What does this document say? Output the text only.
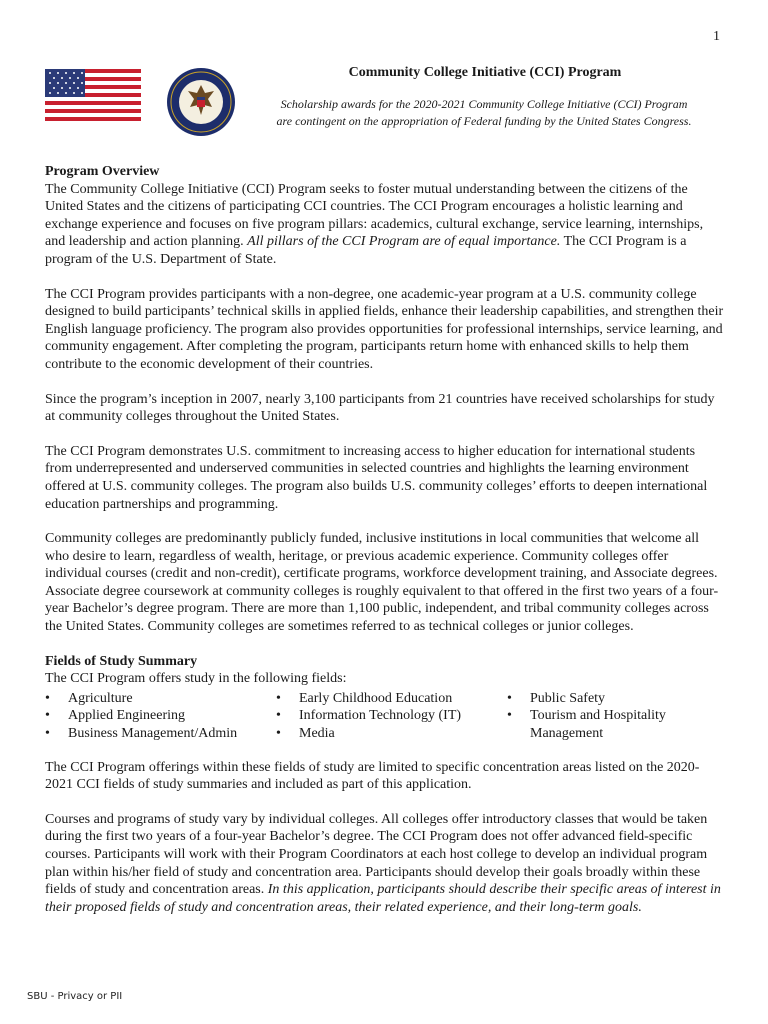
1
Community College Initiative (CCI) Program
Scholarship awards for the 2020-2021 Community College Initiative (CCI) Program
are contingent on the appropriation of Federal funding by the United States Congress.
Program Overview

The Community College Initiative (CCI) Program seeks to foster mutual understanding between the citizens of the United States and the citizens of participating CCI countries. The CCI Program encourages a holistic learning and exchange experience and focuses on five program pillars: academics, cultural exchange, service learning, internships, and leadership and action planning. All pillars of the CCI Program are of equal importance. The CCI Program is a program of the U.S. Department of State.

The CCI Program provides participants with a non-degree, one academic-year program at a U.S. community college designed to build participants’ technical skills in applied fields, enhance their leadership capabilities, and strengthen their English language proficiency. The program also provides opportunities for professional internships, service learning, and community engagement. After completing the program, participants return home with enhanced skills to help them contribute to the economic development of their countries.

Since the program’s inception in 2007, nearly 3,100 participants from 21 countries have received scholarships for study at community colleges throughout the United States.

The CCI Program demonstrates U.S. commitment to increasing access to higher education for international students from underrepresented and underserved communities in selected countries and highlights the learning environment offered at U.S. community colleges. The program also builds U.S. community colleges’ efforts to deepen international education partnerships and programming.

Community colleges are predominantly publicly funded, inclusive institutions in local communities that welcome all who desire to learn, regardless of wealth, heritage, or previous academic experience. Community colleges offer individual courses (credit and non-credit), certificate programs, workforce development training, and Associate degrees. Associate degree coursework at community colleges is roughly equivalent to that offered in the first two years of a four-year Bachelor’s degree program. There are more than 1,100 public, independent, and tribal community colleges across the United States. Community colleges are sometimes referred to as technical colleges or junior colleges.

Fields of Study Summary

The CCI Program offers study in the following fields:

• Agriculture
• Applied Engineering
• Business Management/Admin
• Early Childhood Education
• Information Technology (IT)
• Media
• Public Safety
• Tourism and Hospitality Management

The CCI Program offerings within these fields of study are limited to specific concentration areas listed on the 2020-2021 CCI fields of study summaries and included as part of this application.

Courses and programs of study vary by individual colleges. All colleges offer introductory classes that would be taken during the first two years of a four-year Bachelor’s degree. The CCI Program does not offer advanced field-specific courses. Participants will work with their Program Coordinators at each host college to develop an individual program plan within his/her field of study and concentration area. Participants should develop their goals broadly within these fields of study and concentration areas. In this application, participants should describe their specific areas of interest in their proposed fields of study and concentration areas, their related experience, and their long-term goals.

SBU - Privacy or PII
